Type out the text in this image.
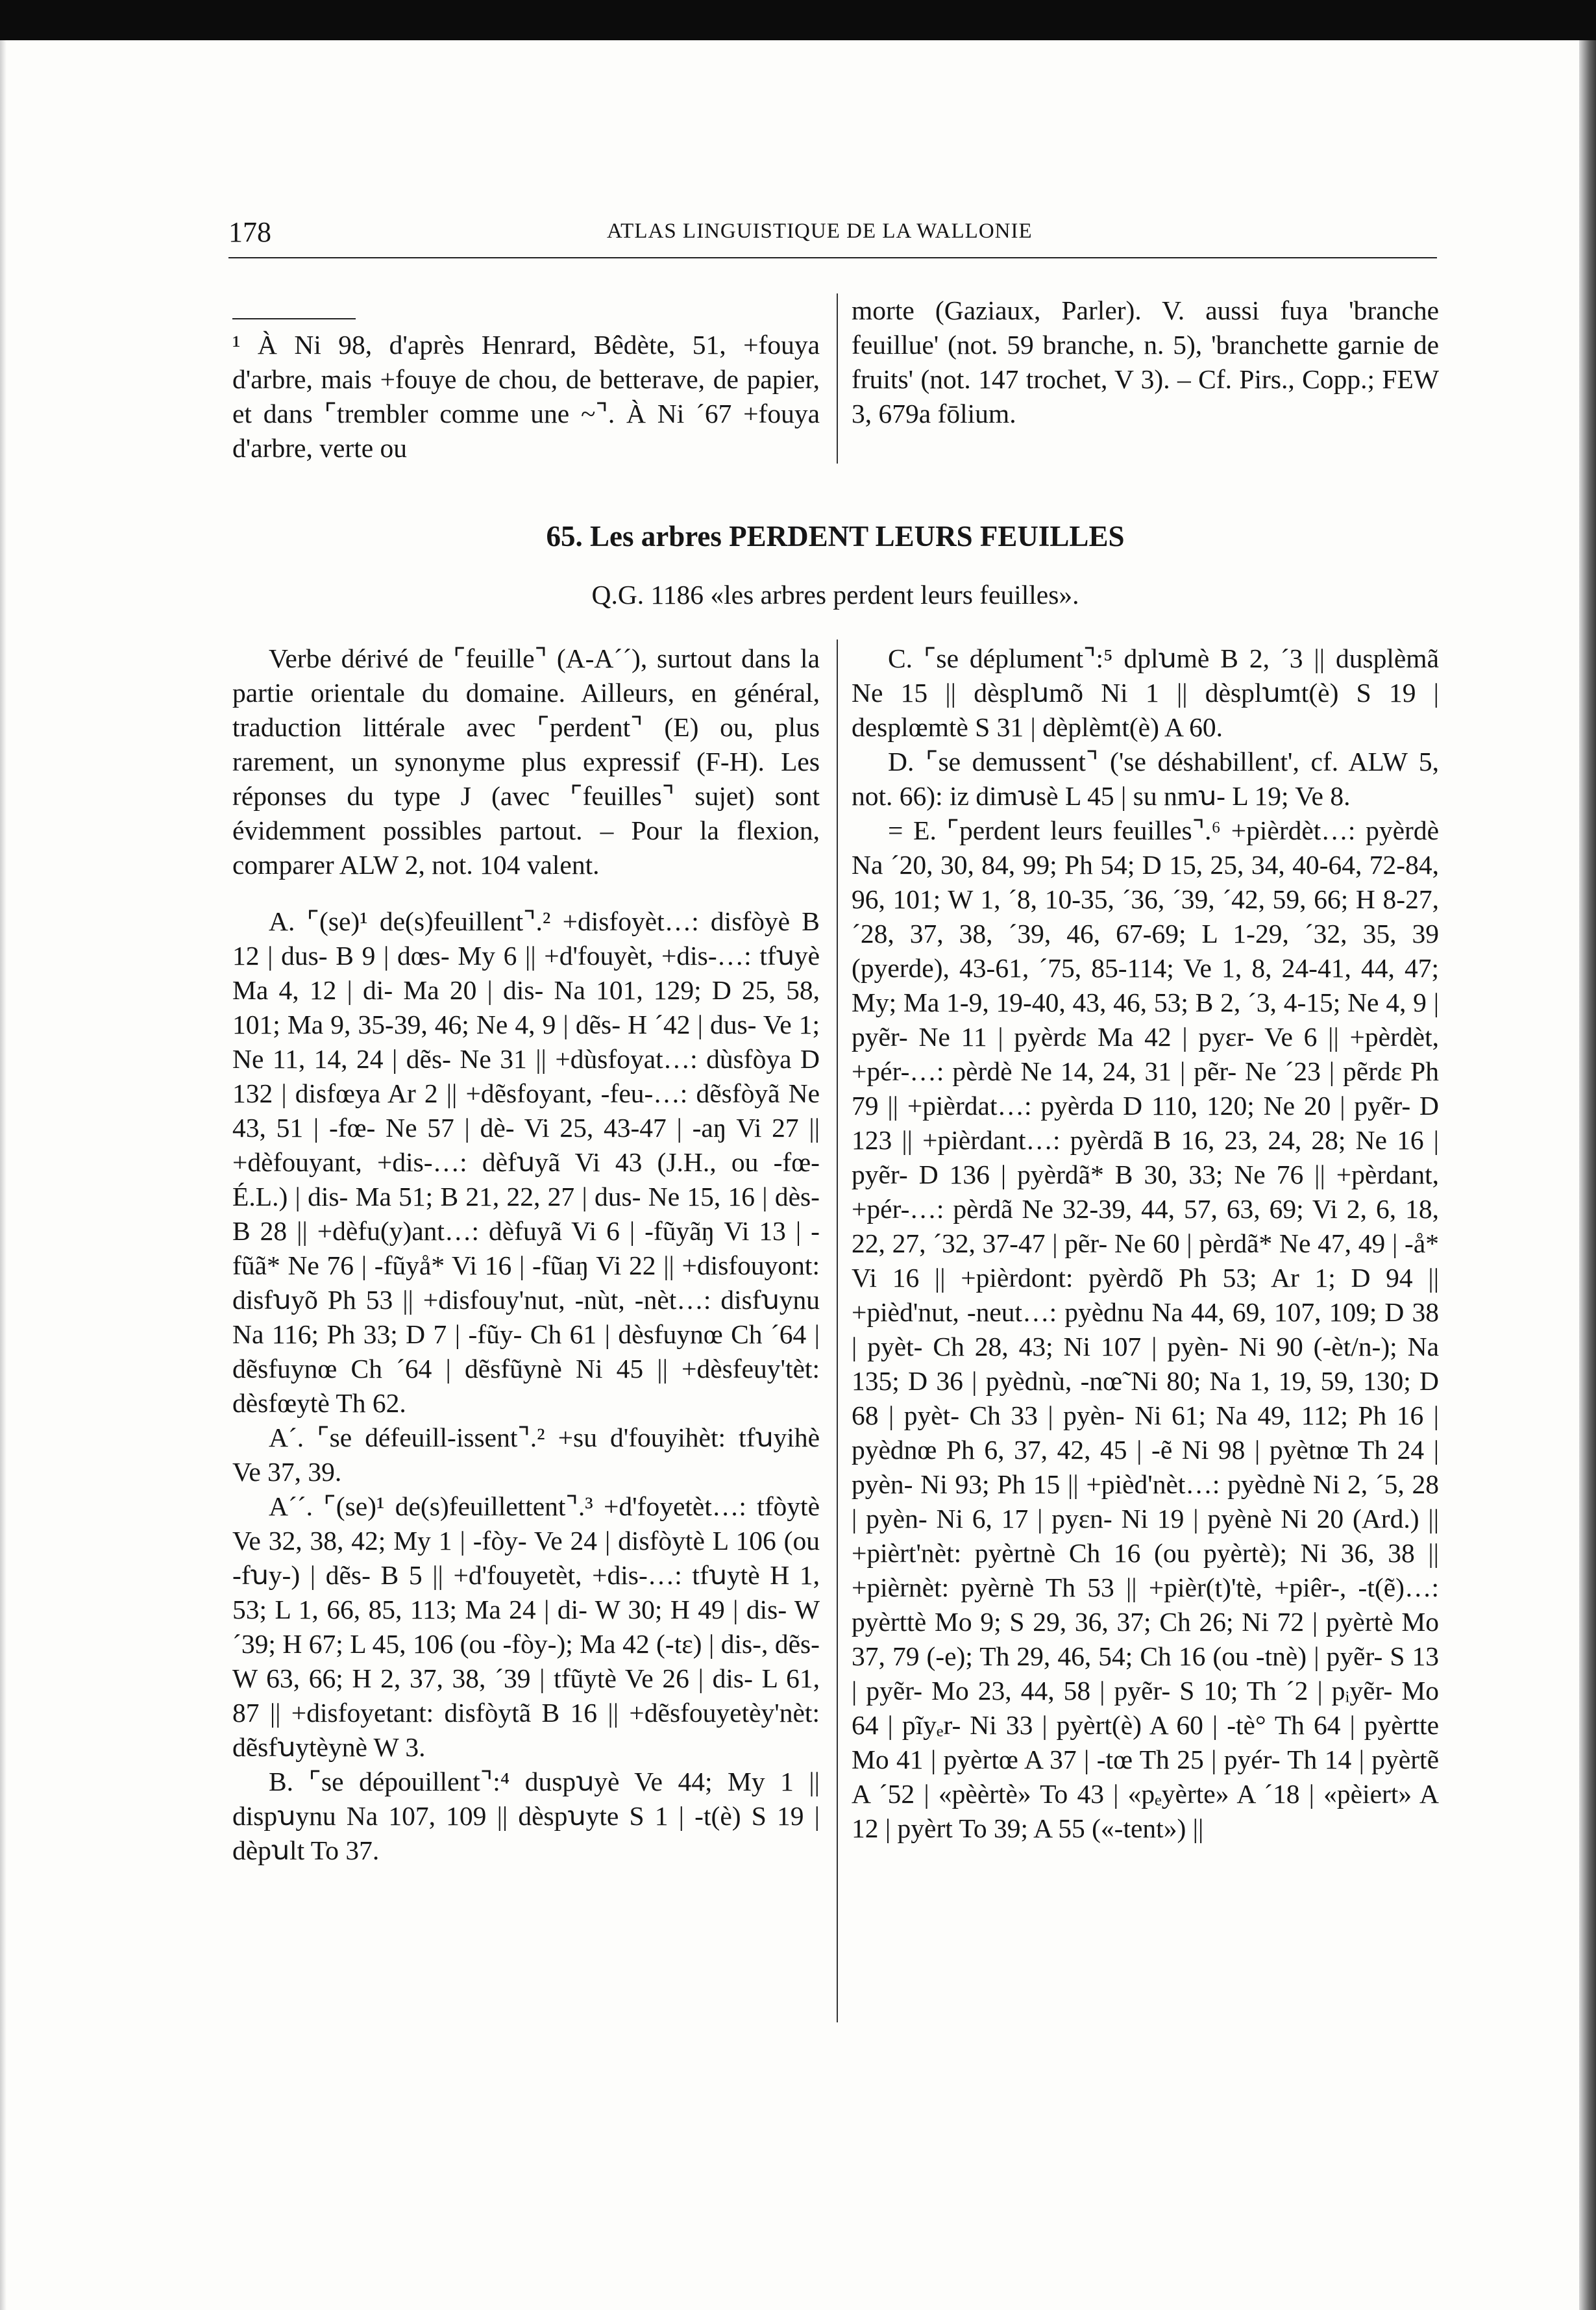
178	ATLAS LINGUISTIQUE DE LA WALLONIE

¹ À Ni 98, d'après Henrard, Bêdète, 51, +fouya d'arbre, mais +fouye de chou, de betterave, de papier, et dans ⌜trembler comme une ~⌝. À Ni ´67 +fouya d'arbre, verte ou

morte (Gaziaux, Parler). V. aussi fuya 'branche feuillue' (not. 59 branche, n. 5), 'branchette garnie de fruits' (not. 147 trochet, V 3). – Cf. Pirs., Copp.; FEW 3, 679a fōlium.

65. Les arbres PERDENT LEURS FEUILLES
Q.G. 1186 «les arbres perdent leurs feuilles».

Verbe dérivé de ⌜feuille⌝ (A-A´´), surtout dans la partie orientale du domaine. Ailleurs, en général, traduction littérale avec ⌜perdent⌝ (E) ou, plus rarement, un synonyme plus expressif (F-H). Les réponses du type J (avec ⌜feuilles⌝ sujet) sont évidemment possibles partout. – Pour la flexion, comparer ALW 2, not. 104 valent.

A. ⌜(se)¹ de(s)feuillent⌝.² +disfoyèt…: disfòyè B 12 | dus- B 9 | dœs- My 6 || +d'fouyèt, +dis-…: tfꭒyè Ma 4, 12 | di- Ma 20 | dis- Na 101, 129; D 25, 58, 101; Ma 9, 35-39, 46; Ne 4, 9 | dẽs- H ´42 | dus- Ve 1; Ne 11, 14, 24 | dẽs- Ne 31 || +dùsfoyat…: dùsfòya D 132 | disfœya Ar 2 || +dẽsfoyant, -feu-…: dẽsfòyã Ne 43, 51 | -fœ- Ne 57 | dè- Vi 25, 43-47 | -aŋ Vi 27 || +dèfouyant, +dis-…: dèfꭒyã Vi 43 (J.H., ou -fœ- É.L.) | dis- Ma 51; B 21, 22, 27 | dus- Ne 15, 16 | dès- B 28 || +dèfu(y)ant…: dèfuyã Vi 6 | -fũyãŋ Vi 13 | -fũã* Ne 76 | -fũyå* Vi 16 | -fũaŋ Vi 22 || +disfouyont: disfꭒyõ Ph 53 || +disfouy'nut, -nùt, -nèt…: disfꭒynu Na 116; Ph 33; D 7 | -fũy- Ch 61 | dèsfuynœ Ch ´64 | dẽsfuynœ Ch ´64 | dẽsfũynè Ni 45 || +dèsfeuy'tèt: dèsfœytè Th 62.

A´. ⌜se défeuill-issent⌝.² +su d'fouyihèt: tfꭒyihè Ve 37, 39.

A´´. ⌜(se)¹ de(s)feuillettent⌝.³ +d'foyetèt…: tfòytè Ve 32, 38, 42; My 1 | -fòy- Ve 24 | disfòytè L 106 (ou -fꭒy-) | dẽs- B 5 || +d'fouyetèt, +dis-…: tfꭒytè H 1, 53; L 1, 66, 85, 113; Ma 24 | di- W 30; H 49 | dis- W ´39; H 67; L 45, 106 (ou -fòy-); Ma 42 (-tɛ) | dis-, dẽs- W 63, 66; H 2, 37, 38, ´39 | tfũytè Ve 26 | dis- L 61, 87 || +disfoyetant: disfòytã B 16 || +dẽsfouyetèy'nèt: dẽsfꭒytèynè W 3.

B. ⌜se dépouillent⌝:⁴ duspꭒyè Ve 44; My 1 || dispꭒynu Na 107, 109 || dèspꭒyte S 1 | -t(è) S 19 | dèpꭒlt To 37.

C. ⌜se déplument⌝:⁵ dplꭒmè B 2, ´3 || dusplèmã Ne 15 || dèsplꭒmõ Ni 1 || dèsplꭒmt(è) S 19 | desplœmtè S 31 | dèplèmt(è) A 60.

D. ⌜se demussent⌝ ('se déshabillent', cf. ALW 5, not. 66): iz dimꭒsè L 45 | su nmꭒ- L 19; Ve 8.

= E. ⌜perdent leurs feuilles⌝.⁶ +pièrdèt…: pyèrdè Na ´20, 30, 84, 99; Ph 54; D 15, 25, 34, 40-64, 72-84, 96, 101; W 1, ´8, 10-35, ´36, ´39, ´42, 59, 66; H 8-27, ´28, 37, 38, ´39, 46, 67-69; L 1-29, ´32, 35, 39 (pyerde), 43-61, ´75, 85-114; Ve 1, 8, 24-41, 44, 47; My; Ma 1-9, 19-40, 43, 46, 53; B 2, ´3, 4-15; Ne 4, 9 | pyẽr- Ne 11 | pyèrdɛ Ma 42 | pyɛr- Ve 6 || +pèrdèt, +pér-…: pèrdè Ne 14, 24, 31 | pẽr- Ne ´23 | pẽrdɛ Ph 79 || +pièrdat…: pyèrda D 110, 120; Ne 20 | pyẽr- D 123 || +pièrdant…: pyèrdã B 16, 23, 24, 28; Ne 16 | pyẽr- D 136 | pyèrdã* B 30, 33; Ne 76 || +pèrdant, +pér-…: pèrdã Ne 32-39, 44, 57, 63, 69; Vi 2, 6, 18, 22, 27, ´32, 37-47 | pẽr- Ne 60 | pèrdã* Ne 47, 49 | -å* Vi 16 || +pièrdont: pyèrdõ Ph 53; Ar 1; D 94 || +pièd'nut, -neut…: pyèdnu Na 44, 69, 107, 109; D 38 | pyèt- Ch 28, 43; Ni 107 | pyèn- Ni 90 (-èt/n-); Na 135; D 36 | pyèdnù, -nœ̃ Ni 80; Na 1, 19, 59, 130; D 68 | pyèt- Ch 33 | pyèn- Ni 61; Na 49, 112; Ph 16 | pyèdnœ Ph 6, 37, 42, 45 | -ẽ Ni 98 | pyètnœ Th 24 | pyèn- Ni 93; Ph 15 || +pièd'nèt…: pyèdnè Ni 2, ´5, 28 | pyèn- Ni 6, 17 | pyɛn- Ni 19 | pyènè Ni 20 (Ard.) || +pièrt'nèt: pyèrtnè Ch 16 (ou pyèrtè); Ni 36, 38 || +pièrnèt: pyèrnè Th 53 || +pièr(t)'tè, +piêr-, -t(ẽ)…: pyèrttè Mo 9; S 29, 36, 37; Ch 26; Ni 72 | pyèrtè Mo 37, 79 (-e); Th 29, 46, 54; Ch 16 (ou -tnè) | pyẽr- S 13 | pyẽr- Mo 23, 44, 58 | pyẽr- S 10; Th ´2 | pᵢyẽr- Mo 64 | pĩyₑr- Ni 33 | pyèrt(è) A 60 | -tè° Th 64 | pyèrtte Mo 41 | pyèrtœ A 37 | -tœ Th 25 | pyér- Th 14 | pyèrtẽ A ´52 | «pèèrtè» To 43 | «pₑyèrte» A ´18 | «pèiert» A 12 | pyèrt To 39; A 55 («-tent») ||
